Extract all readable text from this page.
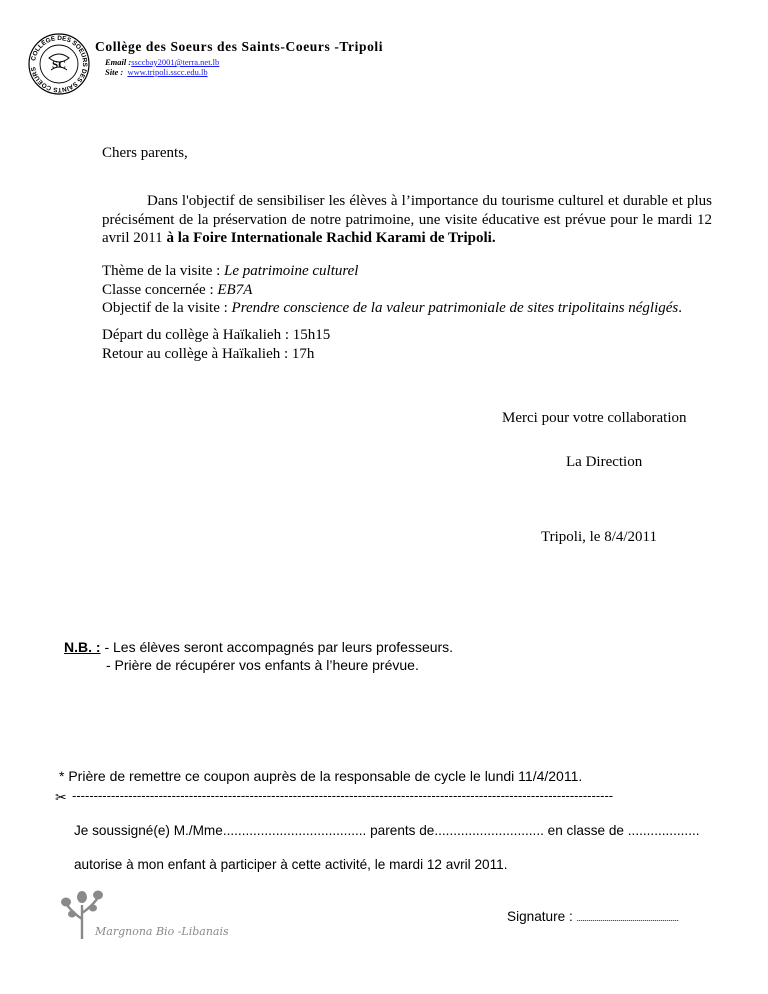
COLLÈGE DES SOEURS DES SAINTS COEURS	SC
Collège des Soeurs des Saints-Coeurs -Tripoli
Email :ssccbay2001@terra.net.lb
Site : www.tripoli.sscc.edu.lb
Chers parents,
Dans l'objectif de sensibiliser les élèves à l’importance du tourisme culturel et durable et plus précisément de la préservation de notre patrimoine, une visite éducative est prévue pour le mardi 12 avril 2011 à la Foire Internationale Rachid Karami de Tripoli.
Thème de la visite : Le patrimoine culturel
Classe concernée : EB7A
Objectif de la visite : Prendre conscience de la valeur patrimoniale de sites tripolitains négligés.
Départ du collège à Haïkalieh : 15h15
Retour au collège à Haïkalieh : 17h
Merci pour votre collaboration
La Direction
Tripoli, le 8/4/2011
N.B. : - Les élèves seront accompagnés par leurs professeurs.
- Prière de récupérer vos enfants à l’heure prévue.
* Prière de remettre ce coupon auprès de la responsable de cycle le lundi 11/4/2011.
✂ -----------------------------------------------------------------------------------------------------------------------------
Je soussigné(e) M./Mme...................................... parents de............................. en classe de ...................
autorise à mon enfant à participer à cette activité, le mardi 12 avril 2011.
Signature : ...................................................
Margnona Bio -Libanais
